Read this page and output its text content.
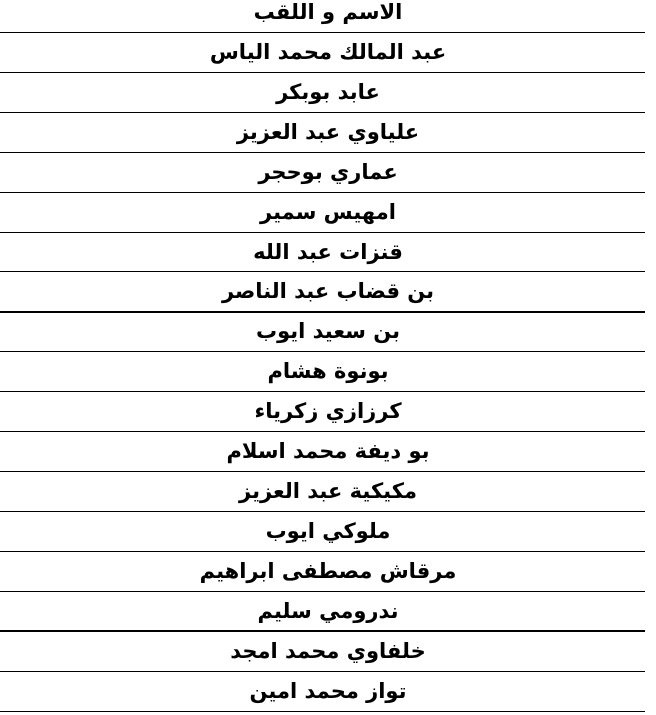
الاسم و اللقب
عبد المالك محمد الياس
عابد بوبكر
علياوي عبد العزيز
عماري بوحجر
امهيس سمير
قنزات عبد الله
بن قضاب عبد الناصر
بن سعيد ايوب
بونوة هشام
كرزازي زكرياء
بو ديفة محمد اسلام
مكيكية عبد العزيز
ملوكي ايوب
مرقاش مصطفى ابراهيم
ندرومي سليم
خلفاوي محمد امجد
تواز محمد امين
